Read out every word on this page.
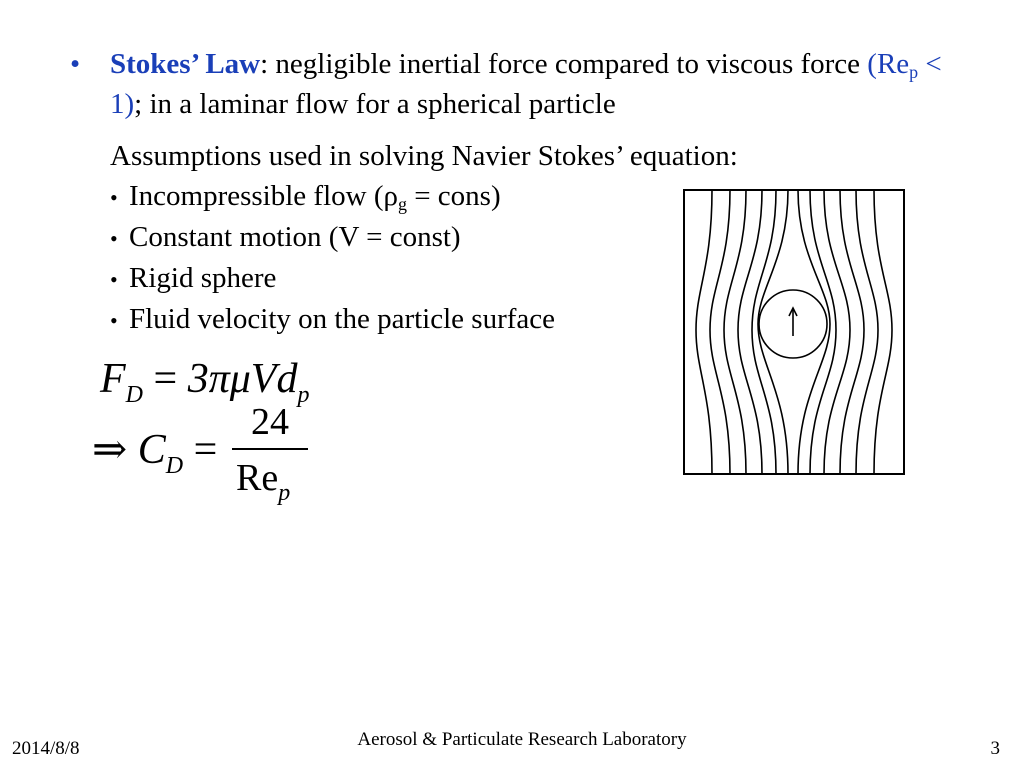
• Stokes’ Law: negligible inertial force compared to viscous force $(Re_p < 1)$; in a laminar flow for a spherical particle
Assumptions used in solving Navier Stokes’ equation:
• Incompressible flow ($\rho_g$ = cons)
• Constant motion (V = const)
• Rigid sphere
• Fluid velocity on the particle surface
$F_D = 3\pi\mu Vd_p$
⇒ $C_D$ =
24
$Re_p$
2014/8/8	Aerosol & Particulate Research Laboratory	3
